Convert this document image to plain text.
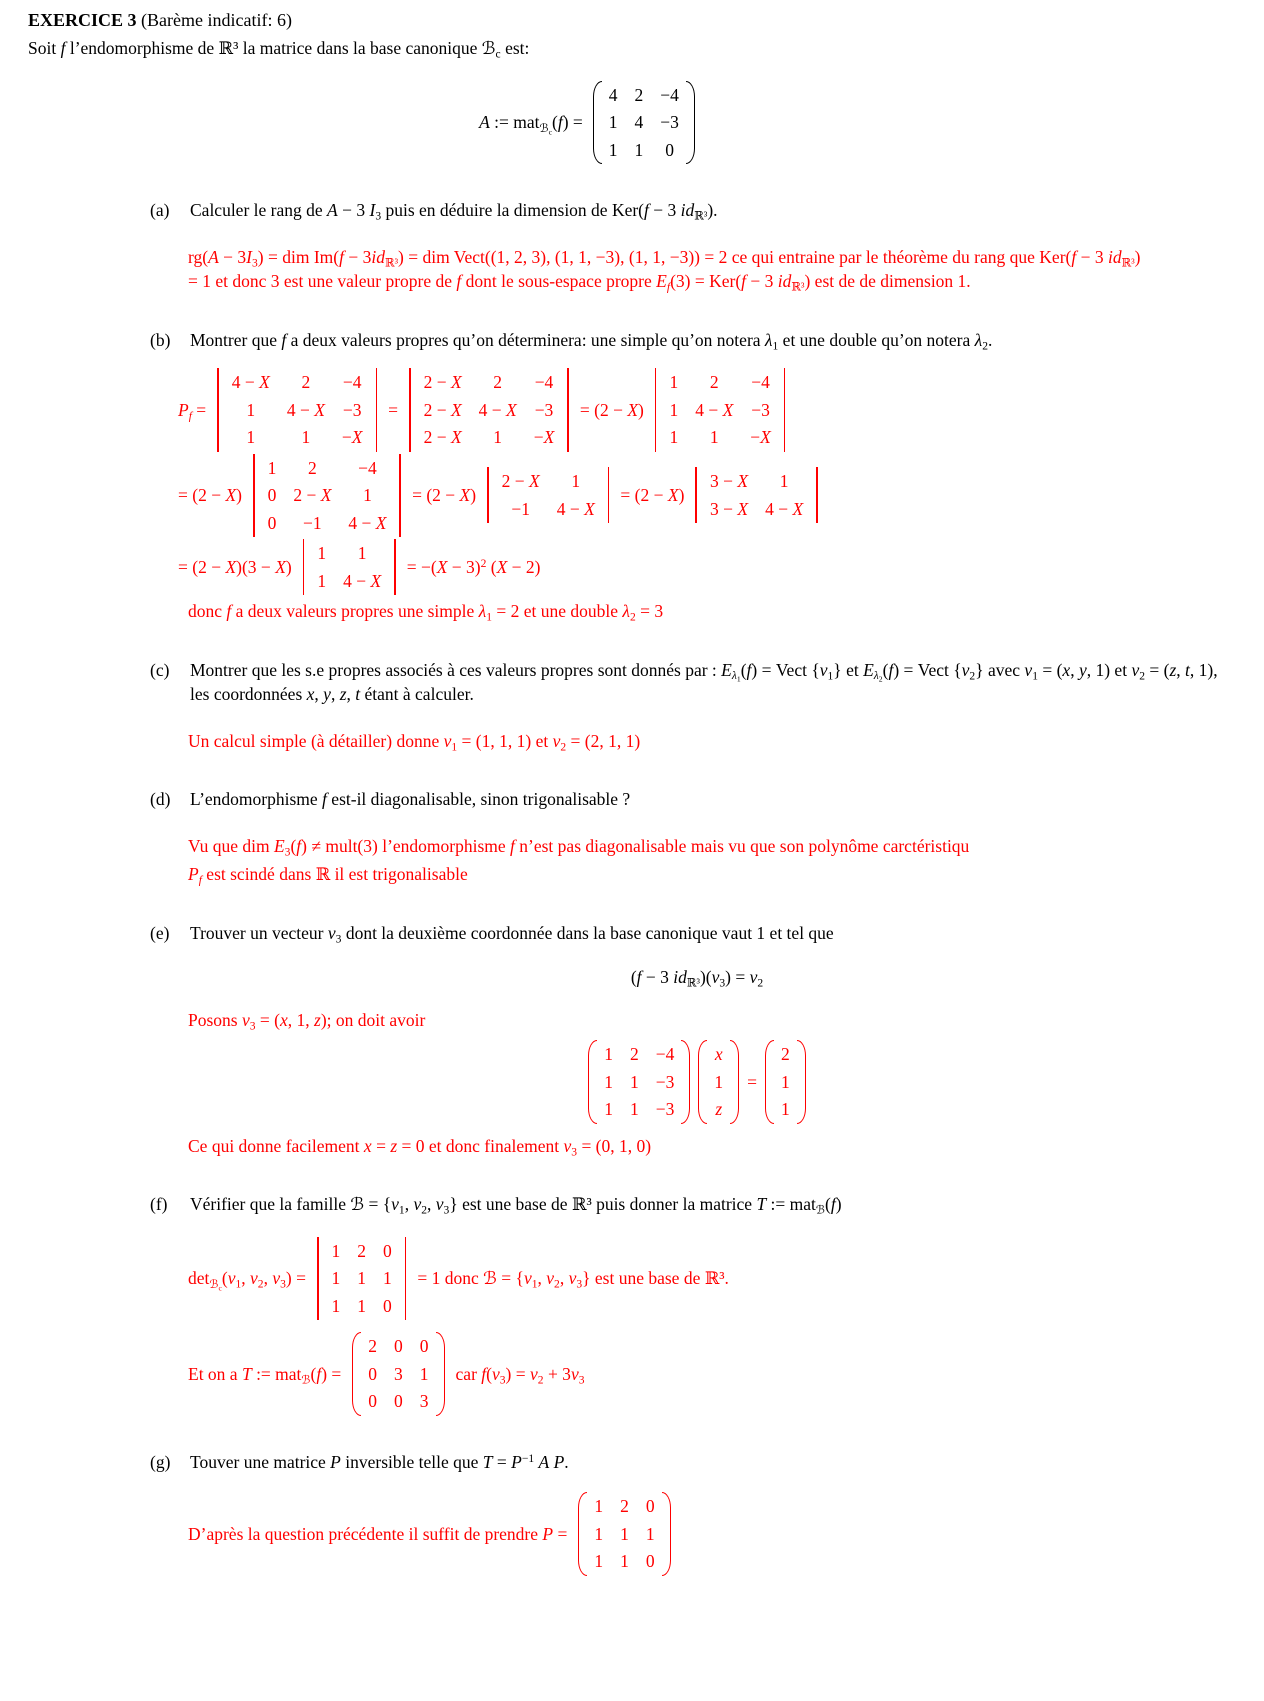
EXERCICE 3 (Barème indicatif: 6)

Soit f l’endomorphisme de ℝ³ la matrice dans la base canonique ℬ$_c$ est:

A := mat$_{ℬ_c}$(f) =
4 2 −4
1 4 −3
1 1 0
(a)	Calculer le rang de A − 3 $I_3$ puis en déduire la dimension de Ker(f − 3 $id_{ℝ^3}$).

$rg(A - 3I_3)$ = dim $Im(f - 3id_{ℝ^3})$ = dim Vect((1, 2, 3), (1, 1, −3), (1, 1, −3)) = 2 ce qui entraine par le théorème du rang que Ker(f − 3 $id_{ℝ^3}) = 1$ et donc 3 est une valeur propre de f dont le sous-espace propre $E_f(3) = Ker(f - 3$ $id_{ℝ^3}$) est de de dimension 1.

(b)	Montrer que f a deux valeurs propres qu’on déterminera: une simple qu’on notera $\lambda_1$ et une double qu’on notera $\lambda_2$.
$P_f$ =
4 − X 2 −4
1 4 − X −3
1	1 −X
=
2 − X 2 −4
2 − X 4 − X −3
2 − X 1 −X
= (2 − X)
1 2 −4
1 4 − X −3
1 1 −X
= (2 − X)
1 2 −4
0 2 − X 1
0 −1 4 − X
= (2 − X)
2 − X 1
−1 4 − X
= (2 − X)
3 − X 1
3 − X 4 − X
= (2 − X)(3 − X)
1 1
1 4 − X
= $-(X - 3)^2$ (X − 2)

donc f a deux valeurs propres une simple $\lambda_1 = 2$ et une double $\lambda_2 = 3$

(c)	Montrer que les s.e propres associés à ces valeurs propres sont donnés par : $E_{\lambda_1}(f)$ = Vect $\{v_1\}$ et $E_{\lambda_2}(f)$ = Vect $\{v_2\}$ avec $v_1 = (x$, y, 1) et $v_2 = (z$, t, 1), les coordonnées x, y, z, t étant à calculer.

Un calcul simple (à détailler) donne $v_1 = (1$, 1, 1) et $v_2 = (2$, 1, 1)

(d)	L’endomorphisme f est-il diagonalisable, sinon trigonalisable ?

Vu que dim $E_3(f)$ ≠ mult(3) l’endomorphisme f n’est pas diagonalisable mais vu que son polynôme carctéristiqu

$P_f$ est scindé dans ℝ il est trigonalisable

(e)	Trouver un vecteur $v_3$ dont la deuxième coordonnée dans la base canonique vaut 1 et tel que
(f − 3 $id_{ℝ^3})(v_3) = v_2$

Posons $v_3 = (x$, 1, z); on doit avoir

1 2 −4
1 1 −3
1 1 −3
x
1
z
=
2
1
1

Ce qui donne facilement x = z = 0 et donc finalement $v_3 = (0$, 1, 0)

(f)	Vérifier que la famille ℬ = {$v_1$, $v_2$, $v_3$} est une base de ℝ³ puis donner la matrice T := mat$_ℬ$(f)
$\det_{ℬ_c}(v_1$, $v_2$, $v_3$) =
1 2 0
1 1 1
1 1 0
= 1 donc ℬ = {$v_1$, $v_2$, $v_3$} est une base de ℝ³.
Et on a T := mat$_ℬ$(f) =
2 0 0
0 3 1
0 0 3
car $f(v_3) = v_2 + 3v_3$
(g)	Touver une matrice P inversible telle que $T = P^{-1}$ A P.
D’après la question précédente il suffit de prendre P =
1 2 0
1 1 1
1 1 0
